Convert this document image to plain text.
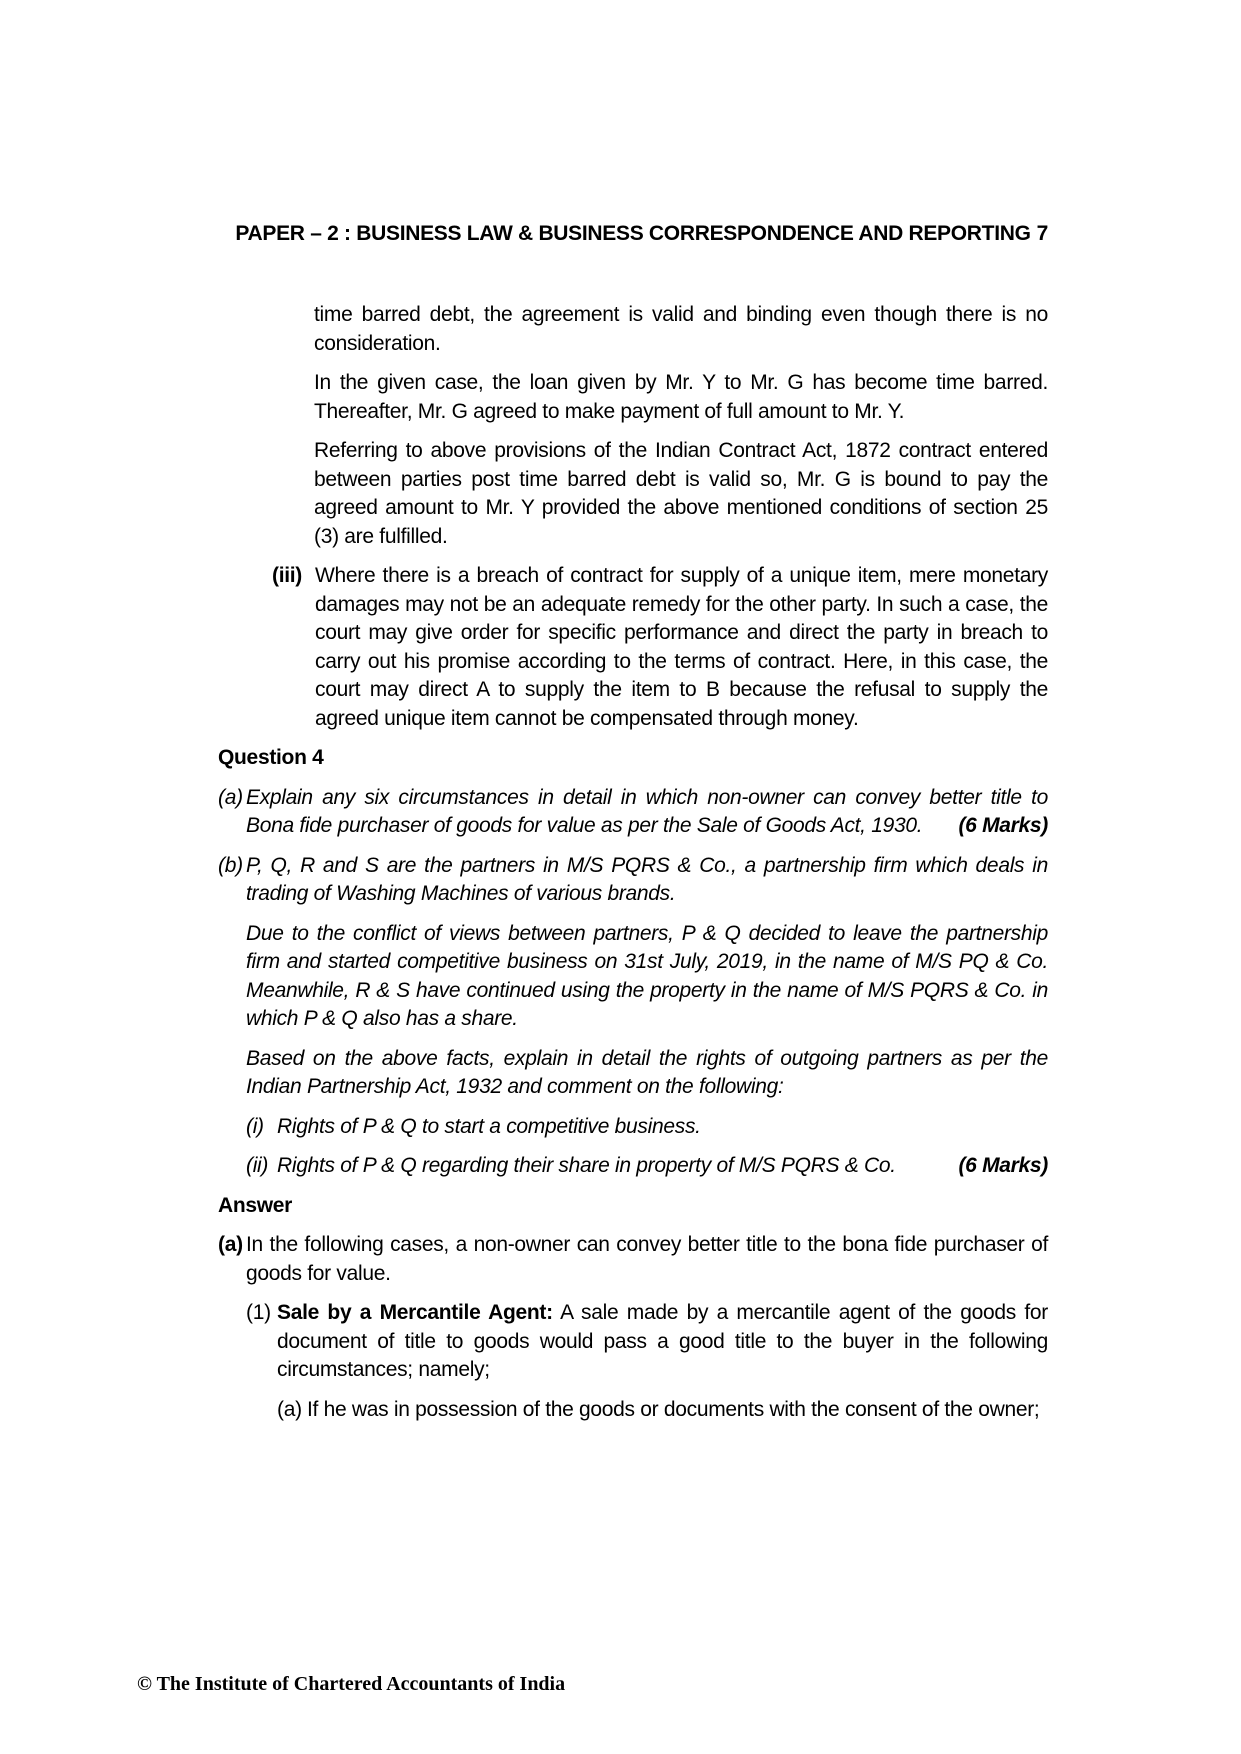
PAPER – 2 : BUSINESS LAW & BUSINESS CORRESPONDENCE AND REPORTING 7

time barred debt, the agreement is valid and binding even though there is no consideration.

In the given case, the loan given by Mr. Y to Mr. G has become time barred. Thereafter, Mr. G agreed to make payment of full amount to Mr. Y.

Referring to above provisions of the Indian Contract Act, 1872 contract entered between parties post time barred debt is valid so, Mr. G is bound to pay the agreed amount to Mr. Y provided the above mentioned conditions of section 25 (3) are fulfilled.

(iii) Where there is a breach of contract for supply of a unique item, mere monetary damages may not be an adequate remedy for the other party. In such a case, the court may give order for specific performance and direct the party in breach to carry out his promise according to the terms of contract. Here, in this case, the court may direct A to supply the item to B because the refusal to supply the agreed unique item cannot be compensated through money.

Question 4
(a) Explain any six circumstances in detail in which non-owner can convey better title to
Bona fide purchaser of goods for value as per the Sale of Goods Act, 1930. (6 Marks)
(b) P, Q, R and S are the partners in M/S PQRS & Co., a partnership firm which deals in trading of Washing Machines of various brands.

Due to the conflict of views between partners, P & Q decided to leave the partnership firm and started competitive business on 31st July, 2019, in the name of M/S PQ & Co. Meanwhile, R & S have continued using the property in the name of M/S PQRS & Co. in which P & Q also has a share.

Based on the above facts, explain in detail the rights of outgoing partners as per the Indian Partnership Act, 1932 and comment on the following:

(i) Rights of P & Q to start a competitive business.
(ii) Rights of P & Q regarding their share in property of M/S PQRS & Co.	(6 Marks)
Answer
(a) In the following cases, a non-owner can convey better title to the bona fide purchaser of goods for value.

(1) Sale by a Mercantile Agent: A sale made by a mercantile agent of the goods for document of title to goods would pass a good title to the buyer in the following circumstances; namely;

(a) If he was in possession of the goods or documents with the consent of the owner;

© The Institute of Chartered Accountants of India
